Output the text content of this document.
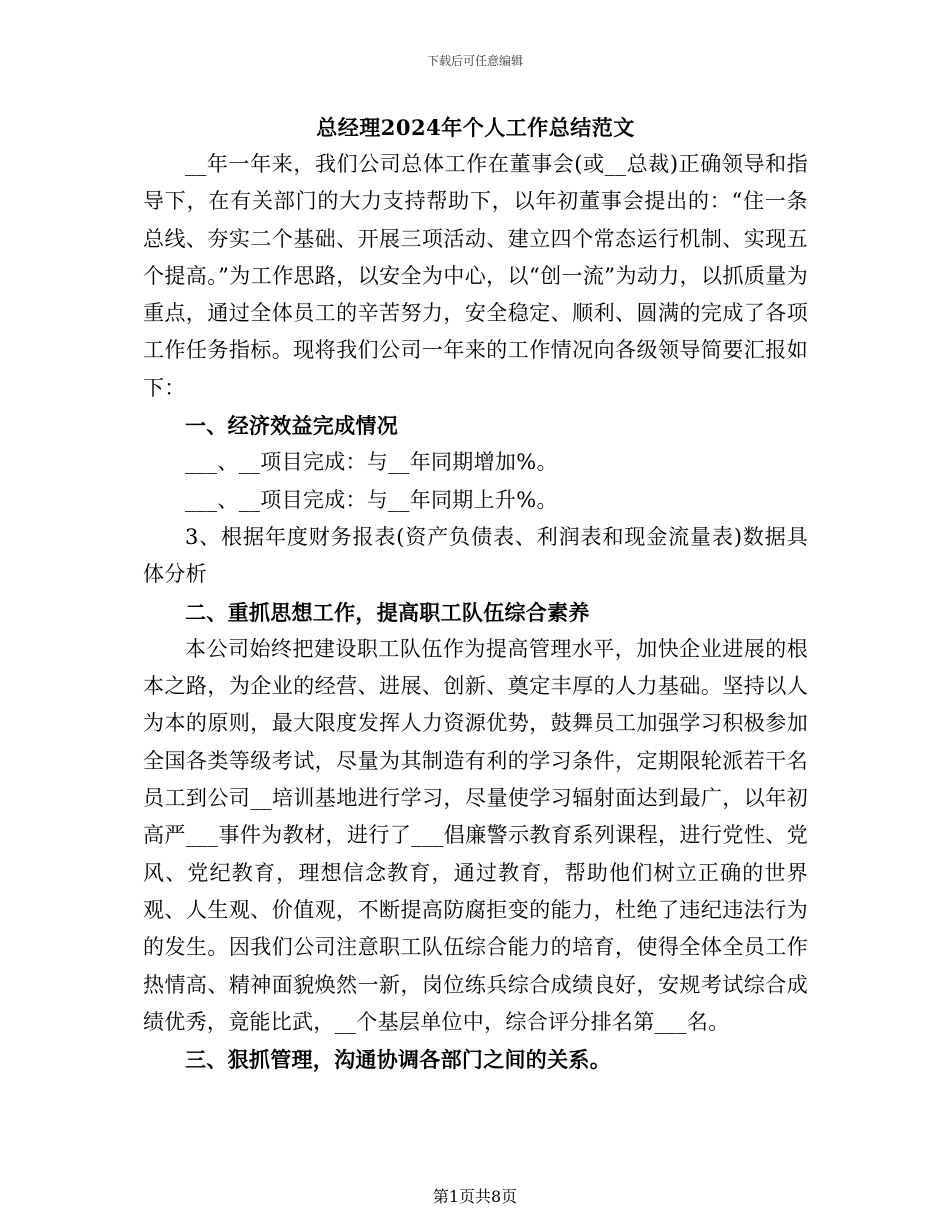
下载后可任意编辑
总经理2024年个人工作总结范文

__年一年来，我们公司总体工作在董事会(或__总裁)正确领导和指导下，在有关部门的大力支持帮助下，以年初董事会提出的：“住一条总线、夯实二个基础、开展三项活动、建立四个常态运行机制、实现五个提高。”为工作思路，以安全为中心，以“创一流”为动力，以抓质量为重点，通过全体员工的辛苦努力，安全稳定、顺利、圆满的完成了各项工作任务指标。现将我们公司一年来的工作情况向各级领导简要汇报如下：

一、经济效益完成情况

___、__项目完成：与__年同期增加%。

___、__项目完成：与__年同期上升%。

3、根据年度财务报表(资产负债表、利润表和现金流量表)数据具体分析

二、重抓思想工作，提高职工队伍综合素养

本公司始终把建设职工队伍作为提高管理水平，加快企业进展的根本之路，为企业的经营、进展、创新、奠定丰厚的人力基础。坚持以人为本的原则，最大限度发挥人力资源优势，鼓舞员工加强学习积极参加全国各类等级考试，尽量为其制造有利的学习条件，定期限轮派若干名员工到公司__培训基地进行学习，尽量使学习辐射面达到最广，以年初高严___事件为教材，进行了___倡廉警示教育系列课程，进行党性、党风、党纪教育，理想信念教育，通过教育，帮助他们树立正确的世界观、人生观、价值观，不断提高防腐拒变的能力，杜绝了违纪违法行为的发生。因我们公司注意职工队伍综合能力的培育，使得全体全员工作热情高、精神面貌焕然一新，岗位练兵综合成绩良好，安规考试综合成绩优秀，竟能比武，__个基层单位中，综合评分排名第___名。

三、狠抓管理，沟通协调各部门之间的关系。

第1页共8页
